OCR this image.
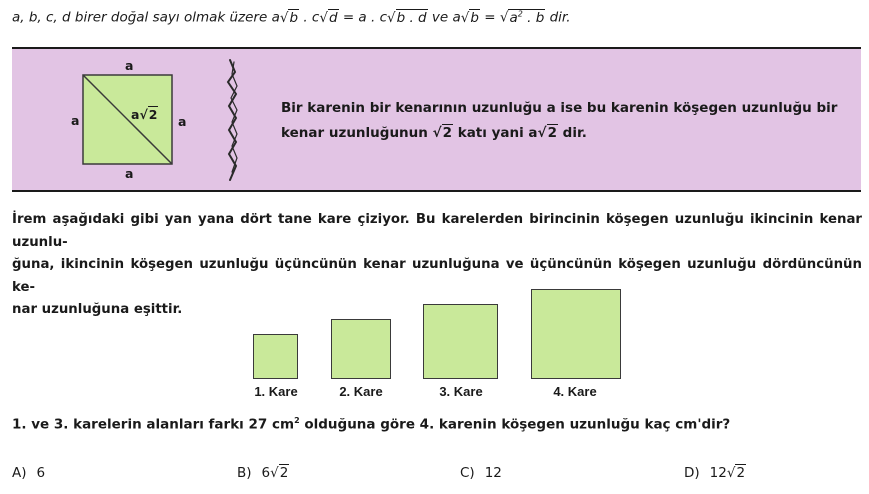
a, b, c, d birer doğal sayı olmak üzere a√b . c√d = a . c√b . d ve $a√b = √a^2$ . b dir.
a
a	a
a
a√2	Bir karenin bir kenarının uzunluğu a ise bu karenin köşegen uzunluğu bir
kenar uzunluğunun √2 katı yani a√2 dir.
İrem aşağıdaki gibi yan yana dört tane kare çiziyor. Bu karelerden birincinin köşegen uzunluğu ikincinin kenar uzunlu-
ğuna, ikincinin köşegen uzunluğu üçüncünün kenar uzunluğuna ve üçüncünün köşegen uzunluğu dördüncünün ke-
nar uzunluğuna eşittir.
1. Kare	2. Kare	3. Kare	4. Kare
1. ve 3. karelerin alanları farkı 27 $cm^2$ olduğuna göre 4. karenin köşegen uzunluğu kaç cm'dir?
A) 6	B) 6√2	C) 12	D) 12√2
